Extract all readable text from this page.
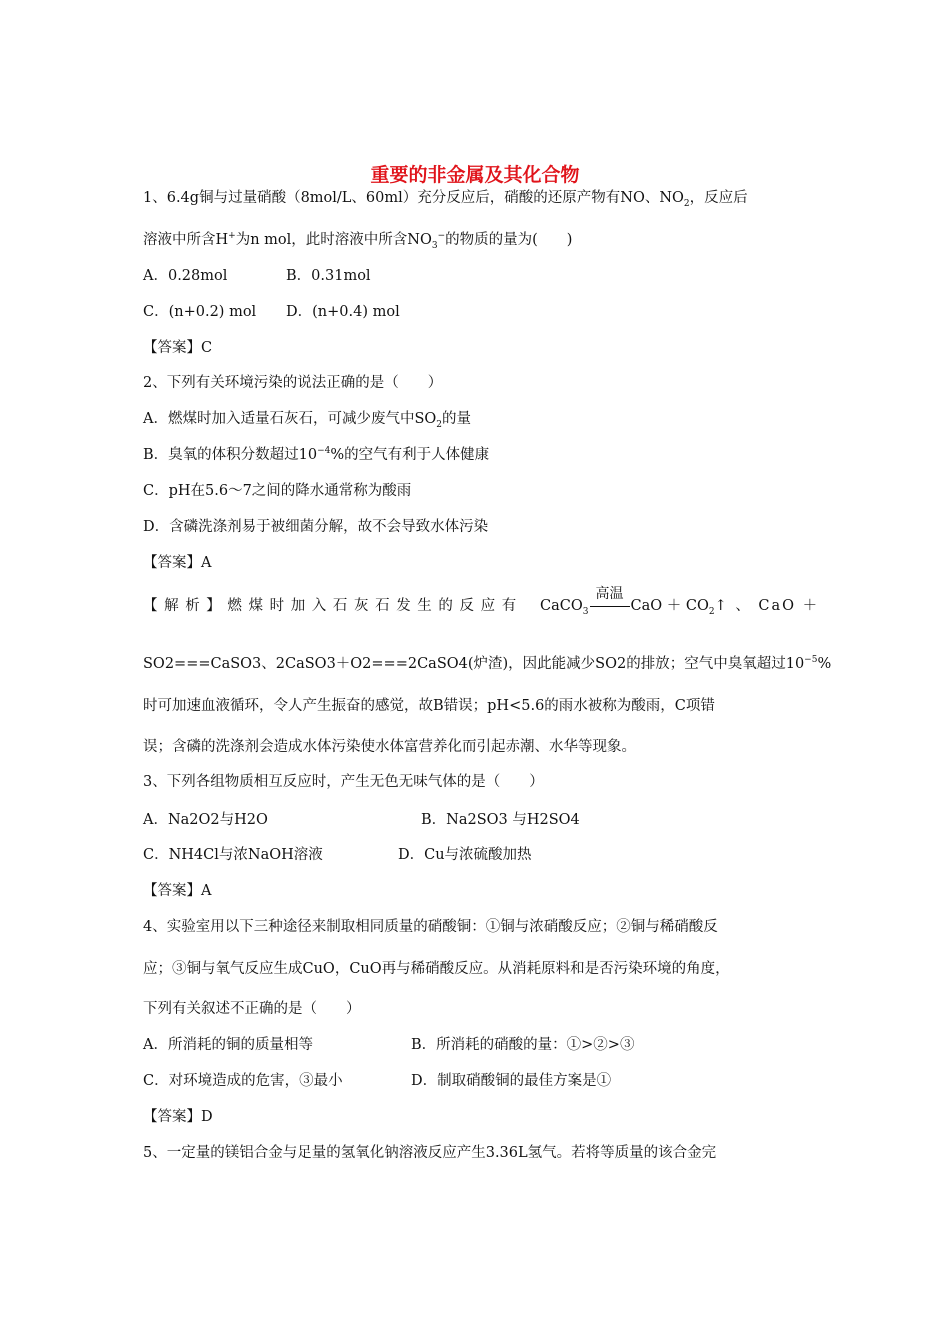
重要的非金属及其化合物
1、6.4g铜与过量硝酸（8mol/L、60ml）充分反应后，硝酸的还原产物有NO、$NO_2$，反应后
溶液中所含H+为n mol，此时溶液中所含$NO_3^-$的物质的量为(　　)
A．0.28mol	B．0.31mol
C．(n+0.2) mol D．(n+0.4) mol
【答案】C
2、下列有关环境污染的说法正确的是（　　）
A．燃煤时加入适量石灰石，可减少废气中$SO_2$的量
B．臭氧的体积分数超过$10^{-4}\%$的空气有利于人体健康
C．pH在5.6～7之间的降水通常称为酸雨
D．含磷洗涤剂易于被细菌分解，故不会导致水体污染
【答案】A
【解析】燃煤时加入石灰石发生的反应有 CaCO$_3$
高温
CaO ＋ $CO_2↑$ 、 CaO ＋
SO2===CaSO3、2CaSO3＋O2===2CaSO4(炉渣)，因此能减少SO2的排放；空气中臭氧超过$10^{-5}\%$
时可加速血液循环，令人产生振奋的感觉，故B错误；pH<5.6的雨水被称为酸雨，C项错
误；含磷的洗涤剂会造成水体污染使水体富营养化而引起赤潮、水华等现象。
3、下列各组物质相互反应时，产生无色无味气体的是（　　）
A．Na2O2与H2O	B．Na2SO3 与H2SO4
C．NH4Cl与浓NaOH溶液	D．Cu与浓硫酸加热
【答案】A
4、实验室用以下三种途径来制取相同质量的硝酸铜：①铜与浓硝酸反应；②铜与稀硝酸反
应；③铜与氧气反应生成CuO，CuO再与稀硝酸反应。从消耗原料和是否污染环境的角度，
下列有关叙述不正确的是（　　）
A．所消耗的铜的质量相等	B．所消耗的硝酸的量：①>②>③
C．对环境造成的危害，③最小	D．制取硝酸铜的最佳方案是①
【答案】D
5、一定量的镁铝合金与足量的氢氧化钠溶液反应产生3.36L氢气。若将等质量的该合金完
